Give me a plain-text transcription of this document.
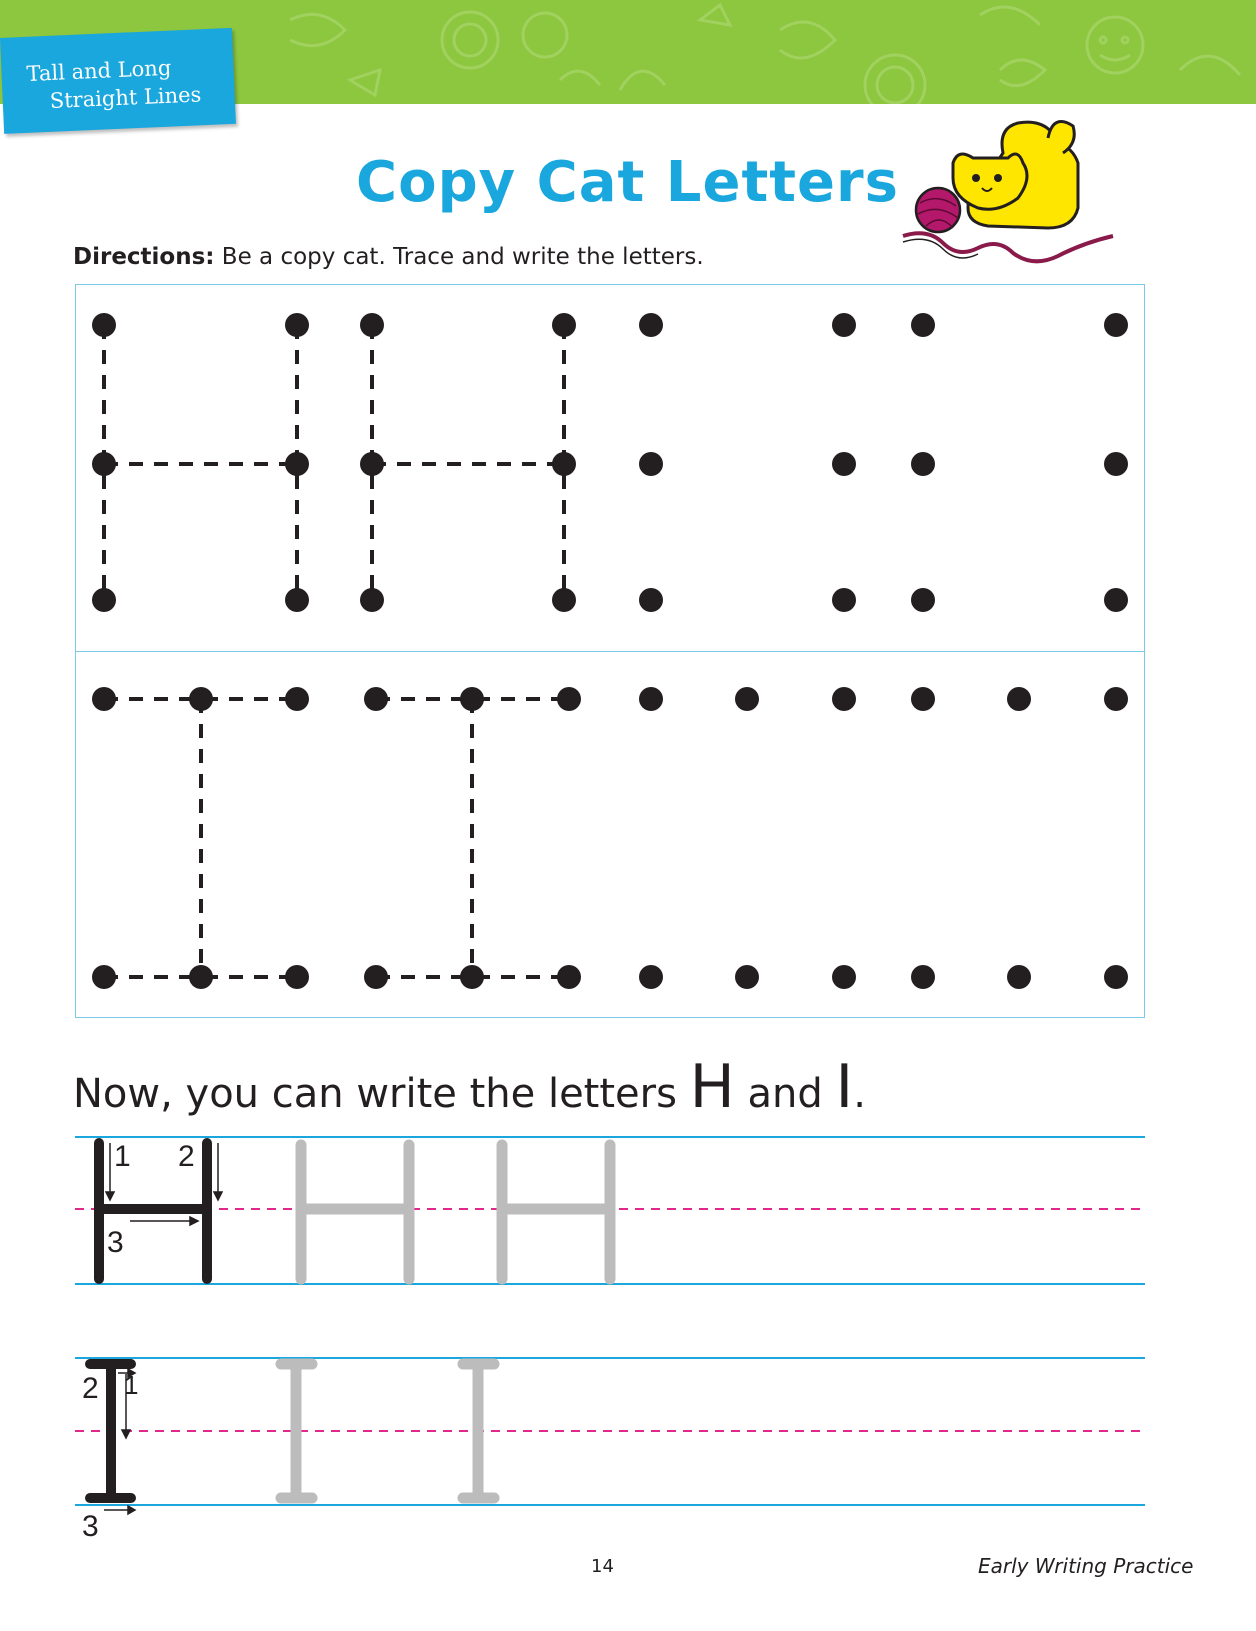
Tall and Long
Straight Lines
Copy Cat Letters
Directions: Be a copy cat. Trace and write the letters.
Now, you can write the letters H and I.
1 2
3
1
2
3
14	Early Writing Practice
